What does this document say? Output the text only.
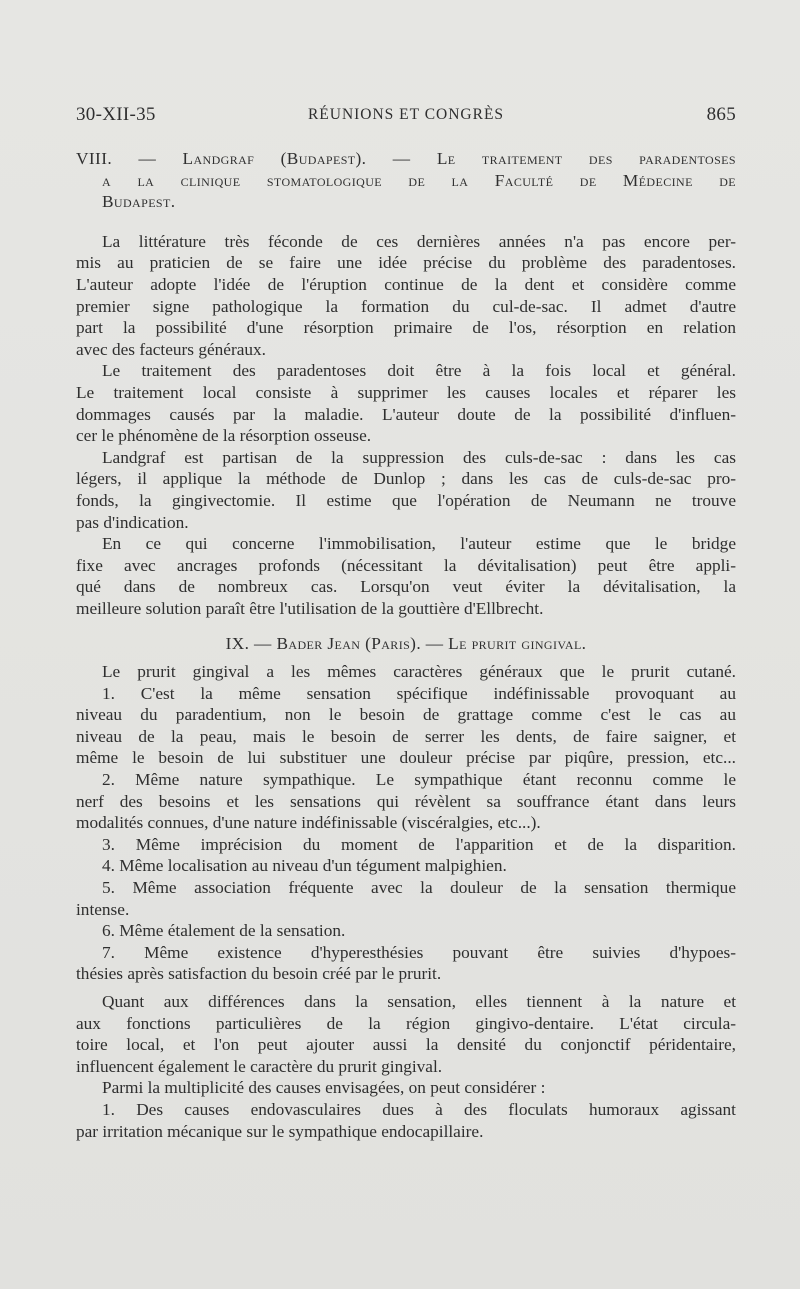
30-XII-35	RÉUNIONS ET CONGRÈS	865
VIII. — Landgraf (Budapest). — Le traitement des paradentoses
a la clinique stomatologique de la Faculté de Médecine de
Budapest.
La littérature très féconde de ces dernières années n'a pas encore per-
mis au praticien de se faire une idée précise du problème des paradentoses.
L'auteur adopte l'idée de l'éruption continue de la dent et considère comme
premier signe pathologique la formation du cul-de-sac. Il admet d'autre
part la possibilité d'une résorption primaire de l'os, résorption en relation
avec des facteurs généraux.
Le traitement des paradentoses doit être à la fois local et général.
Le traitement local consiste à supprimer les causes locales et réparer les
dommages causés par la maladie. L'auteur doute de la possibilité d'influen-
cer le phénomène de la résorption osseuse.
Landgraf est partisan de la suppression des culs-de-sac : dans les cas
légers, il applique la méthode de Dunlop ; dans les cas de culs-de-sac pro-
fonds, la gingivectomie. Il estime que l'opération de Neumann ne trouve
pas d'indication.
En ce qui concerne l'immobilisation, l'auteur estime que le bridge
fixe avec ancrages profonds (nécessitant la dévitalisation) peut être appli-
qué dans de nombreux cas. Lorsqu'on veut éviter la dévitalisation, la
meilleure solution paraît être l'utilisation de la gouttière d'Ellbrecht.
IX. — Bader Jean (Paris). — Le prurit gingival.
Le prurit gingival a les mêmes caractères généraux que le prurit cutané.
1. C'est la même sensation spécifique indéfinissable provoquant au
niveau du paradentium, non le besoin de grattage comme c'est le cas au
niveau de la peau, mais le besoin de serrer les dents, de faire saigner, et
même le besoin de lui substituer une douleur précise par piqûre, pression, etc...
2. Même nature sympathique. Le sympathique étant reconnu comme le
nerf des besoins et les sensations qui révèlent sa souffrance étant dans leurs
modalités connues, d'une nature indéfinissable (viscéralgies, etc...).
3. Même imprécision du moment de l'apparition et de la disparition.
4. Même localisation au niveau d'un tégument malpighien.
5. Même association fréquente avec la douleur de la sensation thermique
intense.
6. Même étalement de la sensation.
7. Même existence d'hyperesthésies pouvant être suivies d'hypoes-
thésies après satisfaction du besoin créé par le prurit.
Quant aux différences dans la sensation, elles tiennent à la nature et
aux fonctions particulières de la région gingivo-dentaire. L'état circula-
toire local, et l'on peut ajouter aussi la densité du conjonctif péridentaire,
influencent également le caractère du prurit gingival.
Parmi la multiplicité des causes envisagées, on peut considérer :
1. Des causes endovasculaires dues à des floculats humoraux agissant
par irritation mécanique sur le sympathique endocapillaire.
